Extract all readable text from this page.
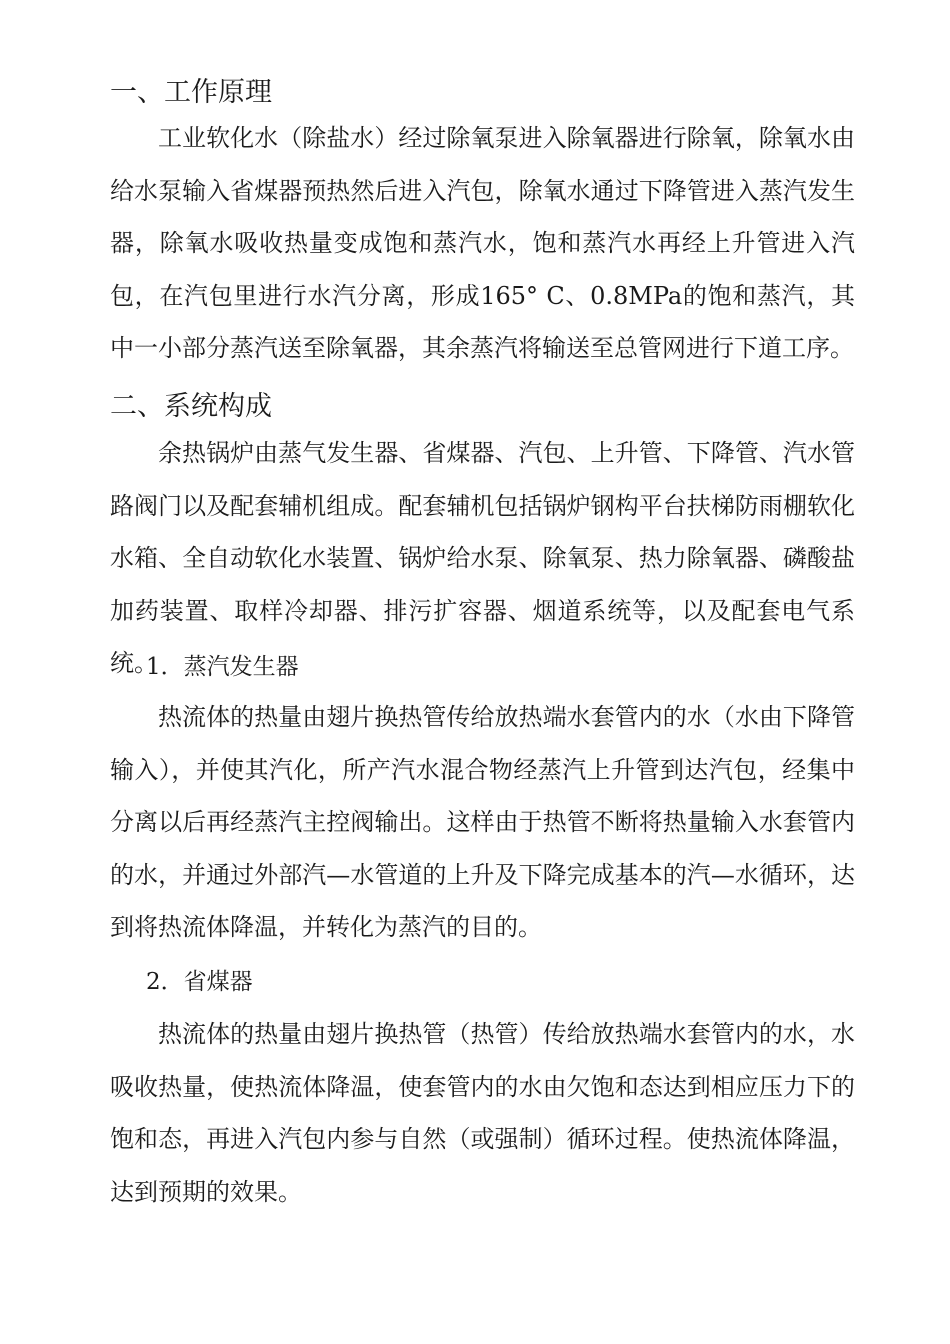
一、工作原理
工业软化水（除盐水）经过除氧泵进入除氧器进行除氧，除氧水由给水泵输入省煤器预热然后进入汽包，除氧水通过下降管进入蒸汽发生器，除氧水吸收热量变成饱和蒸汽水，饱和蒸汽水再经上升管进入汽包，在汽包里进行水汽分离，形成165° C、0.8MPa的饱和蒸汽，其中一小部分蒸汽送至除氧器，其余蒸汽将输送至总管网进行下道工序。
二、系统构成
余热锅炉由蒸气发生器、省煤器、汽包、上升管、下降管、汽水管路阀门以及配套辅机组成。配套辅机包括锅炉钢构平台扶梯防雨棚软化水箱、全自动软化水装置、锅炉给水泵、除氧泵、热力除氧器、磷酸盐加药装置、取样冷却器、排污扩容器、烟道系统等，以及配套电气系统。
1．蒸汽发生器
热流体的热量由翅片换热管传给放热端水套管内的水（水由下降管输入），并使其汽化，所产汽水混合物经蒸汽上升管到达汽包，经集中分离以后再经蒸汽主控阀输出。这样由于热管不断将热量输入水套管内的水，并通过外部汽—水管道的上升及下降完成基本的汽—水循环，达到将热流体降温，并转化为蒸汽的目的。
2．省煤器
热流体的热量由翅片换热管（热管）传给放热端水套管内的水，水吸收热量，使热流体降温，使套管内的水由欠饱和态达到相应压力下的饱和态，再进入汽包内参与自然（或强制）循环过程。使热流体降温，达到预期的效果。
